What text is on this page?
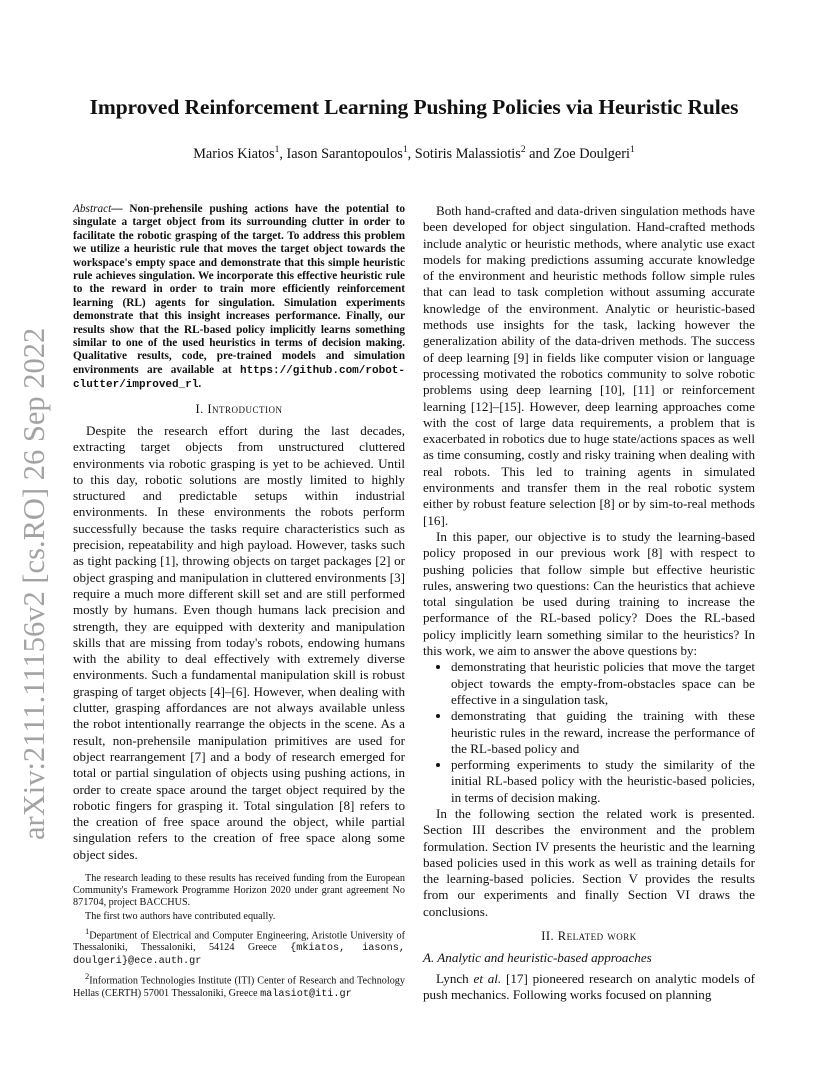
arXiv:2111.11156v2 [cs.RO] 26 Sep 2022
Improved Reinforcement Learning Pushing Policies via Heuristic Rules
Marios Kiatos$^1$, Iason Sarantopoulos$^1$, Sotiris Malassiotis$^2$ and Zoe Doulgeri$^1$
Abstract— Non-prehensile pushing actions have the potential to singulate a target object from its surrounding clutter in order to facilitate the robotic grasping of the target. To address this problem we utilize a heuristic rule that moves the target object towards the workspace's empty space and demonstrate that this simple heuristic rule achieves singulation. We incorporate this effective heuristic rule to the reward in order to train more efficiently reinforcement learning (RL) agents for singulation. Simulation experiments demonstrate that this insight increases performance. Finally, our results show that the RL-based policy implicitly learns something similar to one of the used heuristics in terms of decision making. Qualitative results, code, pre-trained models and simulation environments are available at https://github.com/robot-clutter/improved_rl.
I. Introduction

Despite the research effort during the last decades, extracting target objects from unstructured cluttered environments via robotic grasping is yet to be achieved. Until to this day, robotic solutions are mostly limited to highly structured and predictable setups within industrial environments. In these environments the robots perform successfully because the tasks require characteristics such as precision, repeatability and high payload. However, tasks such as tight packing [1], throwing objects on target packages [2] or object grasping and manipulation in cluttered environments [3] require a much more different skill set and are still performed mostly by humans. Even though humans lack precision and strength, they are equipped with dexterity and manipulation skills that are missing from today's robots, endowing humans with the ability to deal effectively with extremely diverse environments. Such a fundamental manipulation skill is robust grasping of target objects [4]–[6]. However, when dealing with clutter, grasping affordances are not always available unless the robot intentionally rearrange the objects in the scene. As a result, non-prehensile manipulation primitives are used for object rearrangement [7] and a body of research emerged for total or partial singulation of objects using pushing actions, in order to create space around the target object required by the robotic fingers for grasping it. Total singulation [8] refers to the creation of free space around the object, while partial singulation refers to the creation of free space along some object sides.

The research leading to these results has received funding from the European Community's Framework Programme Horizon 2020 under grant agreement No 871704, project BACCHUS.

The first two authors have contributed equally.

$^1$Department of Electrical and Computer Engineering, Aristotle University of Thessaloniki, Thessaloniki, 54124 Greece {mkiatos, iasons, doulgeri}@ece.auth.gr

$^2$Information Technologies Institute (ITI) Center of Research and Technology Hellas (CERTH) 57001 Thessaloniki, Greece malasiot@iti.gr

Both hand-crafted and data-driven singulation methods have been developed for object singulation. Hand-crafted methods include analytic or heuristic methods, where analytic use exact models for making predictions assuming accurate knowledge of the environment and heuristic methods follow simple rules that can lead to task completion without assuming accurate knowledge of the environment. Analytic or heuristic-based methods use insights for the task, lacking however the generalization ability of the data-driven methods. The success of deep learning [9] in fields like computer vision or language processing motivated the robotics community to solve robotic problems using deep learning [10], [11] or reinforcement learning [12]–[15]. However, deep learning approaches come with the cost of large data requirements, a problem that is exacerbated in robotics due to huge state/actions spaces as well as time consuming, costly and risky training when dealing with real robots. This led to training agents in simulated environments and transfer them in the real robotic system either by robust feature selection [8] or by sim-to-real methods [16].

In this paper, our objective is to study the learning-based policy proposed in our previous work [8] with respect to pushing policies that follow simple but effective heuristic rules, answering two questions: Can the heuristics that achieve total singulation be used during training to increase the performance of the RL-based policy? Does the RL-based policy implicitly learn something similar to the heuristics? In this work, we aim to answer the above questions by:

• demonstrating that heuristic policies that move the target object towards the empty-from-obstacles space can be effective in a singulation task,
• demonstrating that guiding the training with these heuristic rules in the reward, increase the performance of the RL-based policy and
• performing experiments to study the similarity of the initial RL-based policy with the heuristic-based policies, in terms of decision making.

In the following section the related work is presented. Section III describes the environment and the problem formulation. Section IV presents the heuristic and the learning based policies used in this work as well as training details for the learning-based policies. Section V provides the results from our experiments and finally Section VI draws the conclusions.

II. Related work
A. Analytic and heuristic-based approaches

Lynch et al. [17] pioneered research on analytic models of push mechanics. Following works focused on planning
